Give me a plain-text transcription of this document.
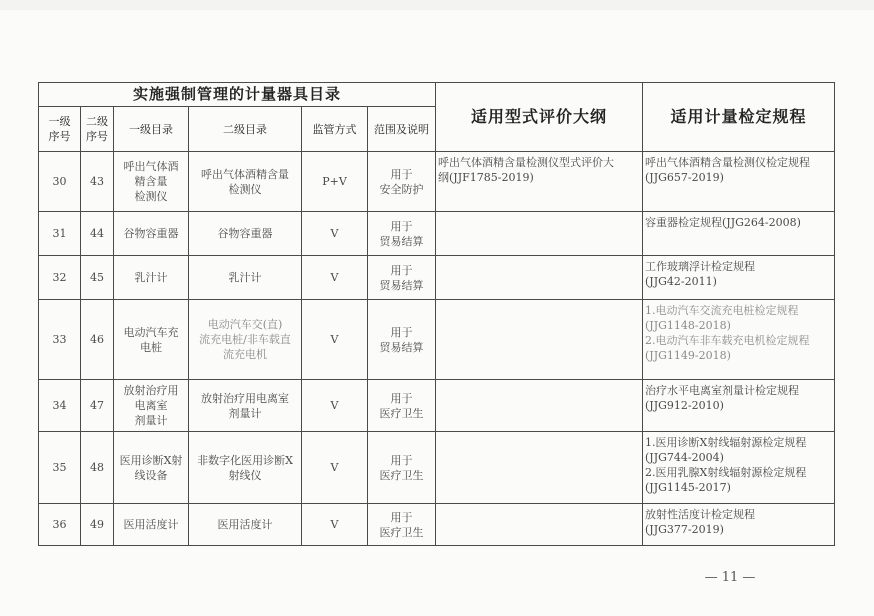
实施强制管理的计量器具目录						适用型式评价大纲	适用计量检定规程

一级
序号	二级
序号	一级目录	二级目录	监管方式	范围及说明		
30	43	呼出气体酒
精含量
检测仪	呼出气体酒精含量
检测仪	P+V	用于
安全防护	呼出气体酒精含量检测仪型式评价大
纲(JJF1785-2019)	呼出气体酒精含量检测仪检定规程
(JJG657-2019)

31	44	谷物容重器	谷物容重器	V	用于
贸易结算		容重器检定规程(JJG264-2008)

32	45	乳汁计	乳汁计	V	用于
贸易结算		工作玻璃浮计检定规程
(JJG42-2011)

33	46	电动汽车充
电桩	电动汽车交(直)
流充电桩/非车载直
流充电机	V	用于
贸易结算		1.电动汽车交流充电桩检定规程
(JJG1148-2018)
2.电动汽车非车载充电机检定规程
(JJG1149-2018)

34	47	放射治疗用
电离室
剂量计	放射治疗用电离室
剂量计	V	用于
医疗卫生		治疗水平电离室剂量计检定规程
(JJG912-2010)

35	48	医用诊断X射
线设备	非数字化医用诊断X
射线仪	V	用于
医疗卫生		1.医用诊断X射线辐射源检定规程
(JJG744-2004)
2.医用乳腺X射线辐射源检定规程
(JJG1145-2017)

36	49	医用活度计	医用活度计	V	用于
医疗卫生		放射性活度计检定规程
(JJG377-2019)
— 11 —
